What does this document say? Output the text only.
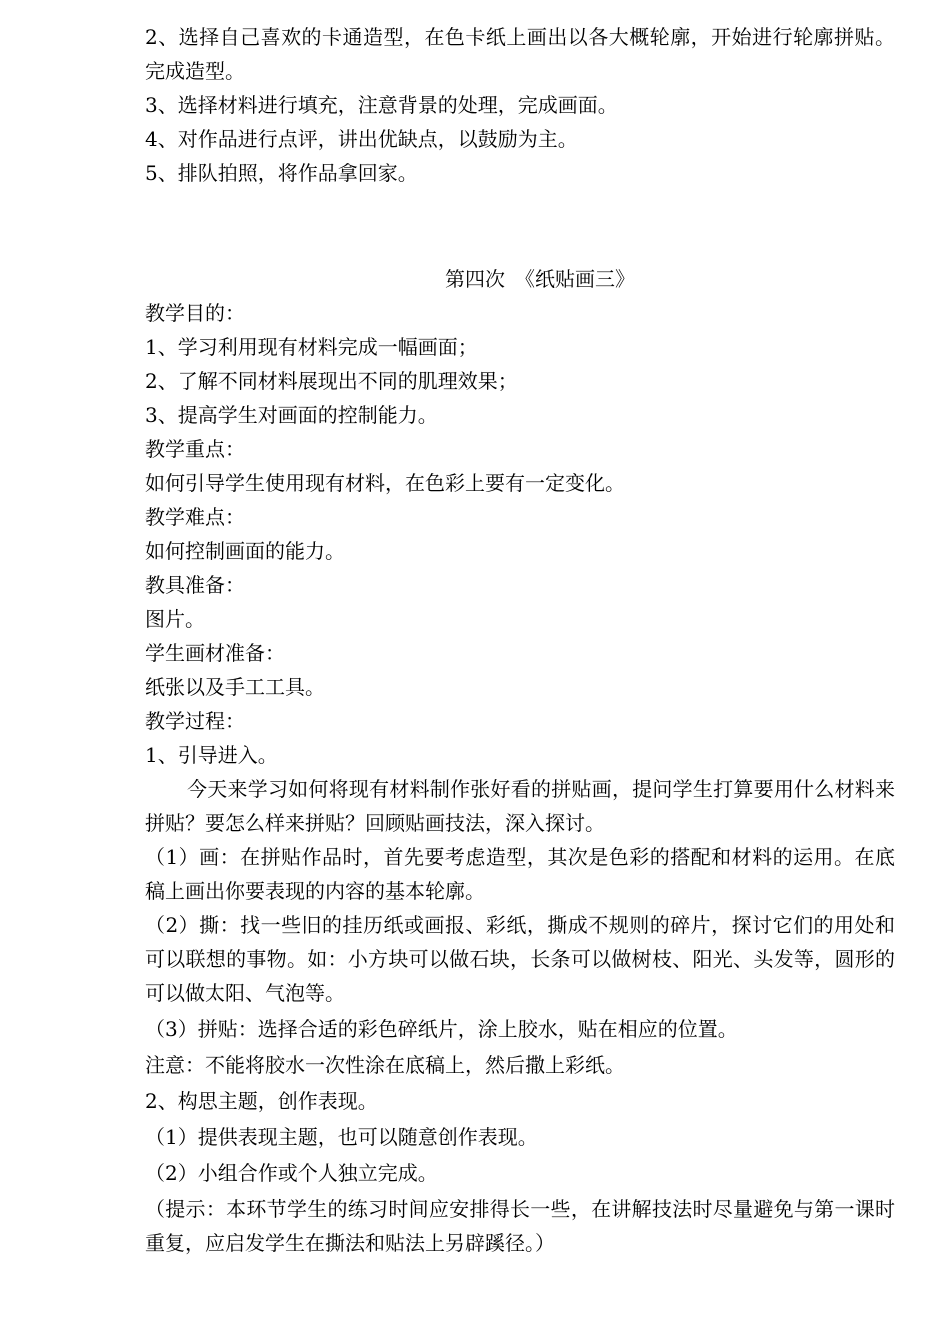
2、选择自己喜欢的卡通造型，在色卡纸上画出以各大概轮廓，开始进行轮廓拼贴。完成造型。
3、选择材料进行填充，注意背景的处理，完成画面。
4、对作品进行点评，讲出优缺点，以鼓励为主。
5、排队拍照，将作品拿回家。
第四次　《纸贴画三》
教学目的：
1、学习利用现有材料完成一幅画面；
2、了解不同材料展现出不同的肌理效果；
3、提高学生对画面的控制能力。
教学重点：
如何引导学生使用现有材料，在色彩上要有一定变化。
教学难点：
如何控制画面的能力。
教具准备：
图片。
学生画材准备：
纸张以及手工工具。
教学过程：
1、引导进入。
今天来学习如何将现有材料制作张好看的拼贴画，提问学生打算要用什么材料来拼贴？要怎么样来拼贴？回顾贴画技法，深入探讨。
（1）画：在拼贴作品时，首先要考虑造型，其次是色彩的搭配和材料的运用。在底稿上画出你要表现的内容的基本轮廓。
（2）撕：找一些旧的挂历纸或画报、彩纸，撕成不规则的碎片，探讨它们的用处和可以联想的事物。如：小方块可以做石块，长条可以做树枝、阳光、头发等，圆形的可以做太阳、气泡等。
（3）拼贴：选择合适的彩色碎纸片，涂上胶水，贴在相应的位置。
注意：不能将胶水一次性涂在底稿上，然后撒上彩纸。
2、构思主题，创作表现。
（1）提供表现主题，也可以随意创作表现。
（2）小组合作或个人独立完成。
（提示：本环节学生的练习时间应安排得长一些，在讲解技法时尽量避免与第一课时重复，应启发学生在撕法和贴法上另辟蹊径。）
